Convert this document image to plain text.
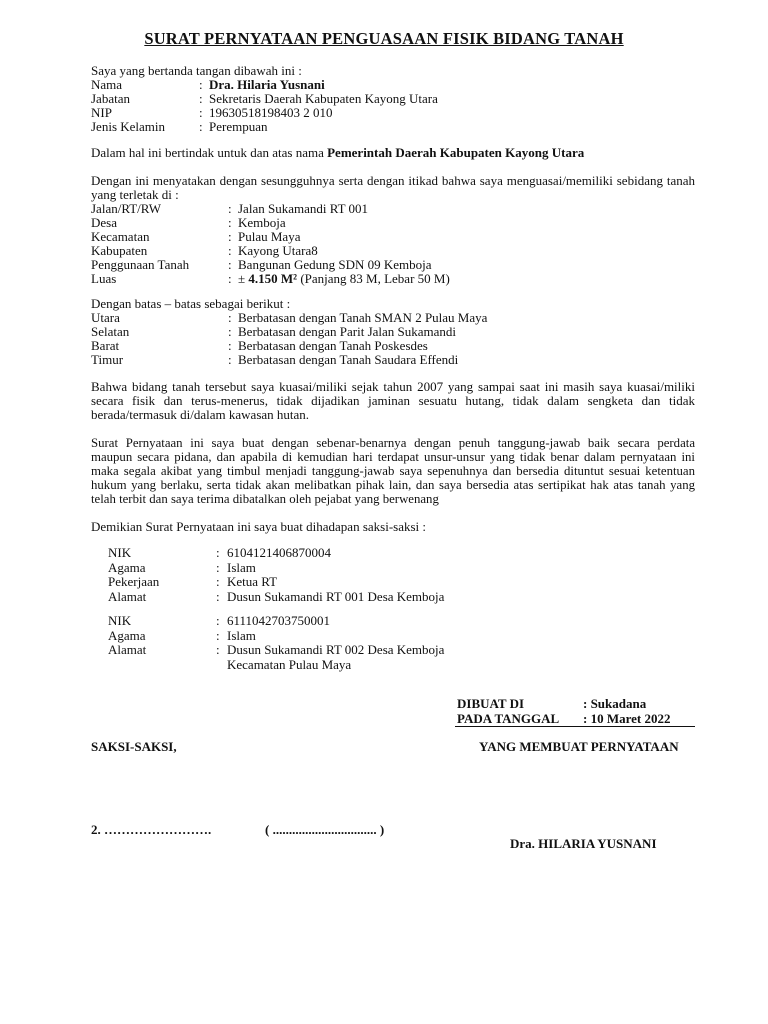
SURAT PERNYATAAN PENGUASAAN FISIK BIDANG TANAH
Saya yang bertanda tangan dibawah ini :
Nama	: Dra. Hilaria Yusnani
Jabatan	: Sekretaris Daerah Kabupaten Kayong Utara
NIP	: 19630518198403 2 010
Jenis Kelamin	: Perempuan
Dalam hal ini bertindak untuk dan atas nama Pemerintah Daerah Kabupaten Kayong Utara
Dengan ini menyatakan dengan sesungguhnya serta dengan itikad bahwa saya menguasai/memiliki sebidang tanah yang terletak di :
Jalan/RT/RW	: Jalan Sukamandi RT 001
Desa	: Kemboja
Kecamatan	: Pulau Maya
Kabupaten	: Kayong Utara8
Penggunaan Tanah	: Bangunan Gedung SDN 09 Kemboja
Luas	: ± 4.150 M² (Panjang 83 M, Lebar 50 M)
Dengan batas – batas sebagai berikut :
Utara	: Berbatasan dengan Tanah SMAN 2 Pulau Maya
Selatan	: Berbatasan dengan Parit Jalan Sukamandi
Barat	: Berbatasan dengan Tanah Poskesdes
Timur	: Berbatasan dengan Tanah Saudara Effendi
Bahwa bidang tanah tersebut saya kuasai/miliki sejak tahun 2007 yang sampai saat ini masih saya kuasai/miliki
secara fisik dan terus-menerus, tidak dijadikan jaminan sesuatu hutang, tidak dalam sengketa dan tidak
berada/termasuk di/dalam kawasan hutan.
Surat Pernyataan ini saya buat dengan sebenar-benarnya dengan penuh tanggung-jawab baik secara perdata
maupun secara pidana, dan apabila di kemudian hari terdapat unsur-unsur yang tidak benar dalam pernyataan ini
maka segala akibat yang timbul menjadi tanggung-jawab saya sepenuhnya dan bersedia dituntut sesuai ketentuan
hukum yang berlaku, serta tidak akan melibatkan pihak lain, dan saya bersedia atas sertipikat hak atas tanah yang
telah terbit dan saya terima dibatalkan oleh pejabat yang berwenang
Demikian Surat Pernyataan ini saya buat dihadapan saksi-saksi :
NIK	: 6104121406870004
Agama	: Islam
Pekerjaan	: Ketua RT
Alamat	: Dusun Sukamandi RT 001 Desa Kemboja
NIK	: 6111042703750001
Agama	: Islam
Alamat	: Dusun Sukamandi RT 002 Desa Kemboja
Kecamatan Pulau Maya
DIBUAT DI	: Sukadana
PADA TANGGAL	: 10 Maret 2022
SAKSI-SAKSI,	YANG MEMBUAT PERNYATAAN
2. …………………….	( ................................ )
Dra. HILARIA YUSNANI
